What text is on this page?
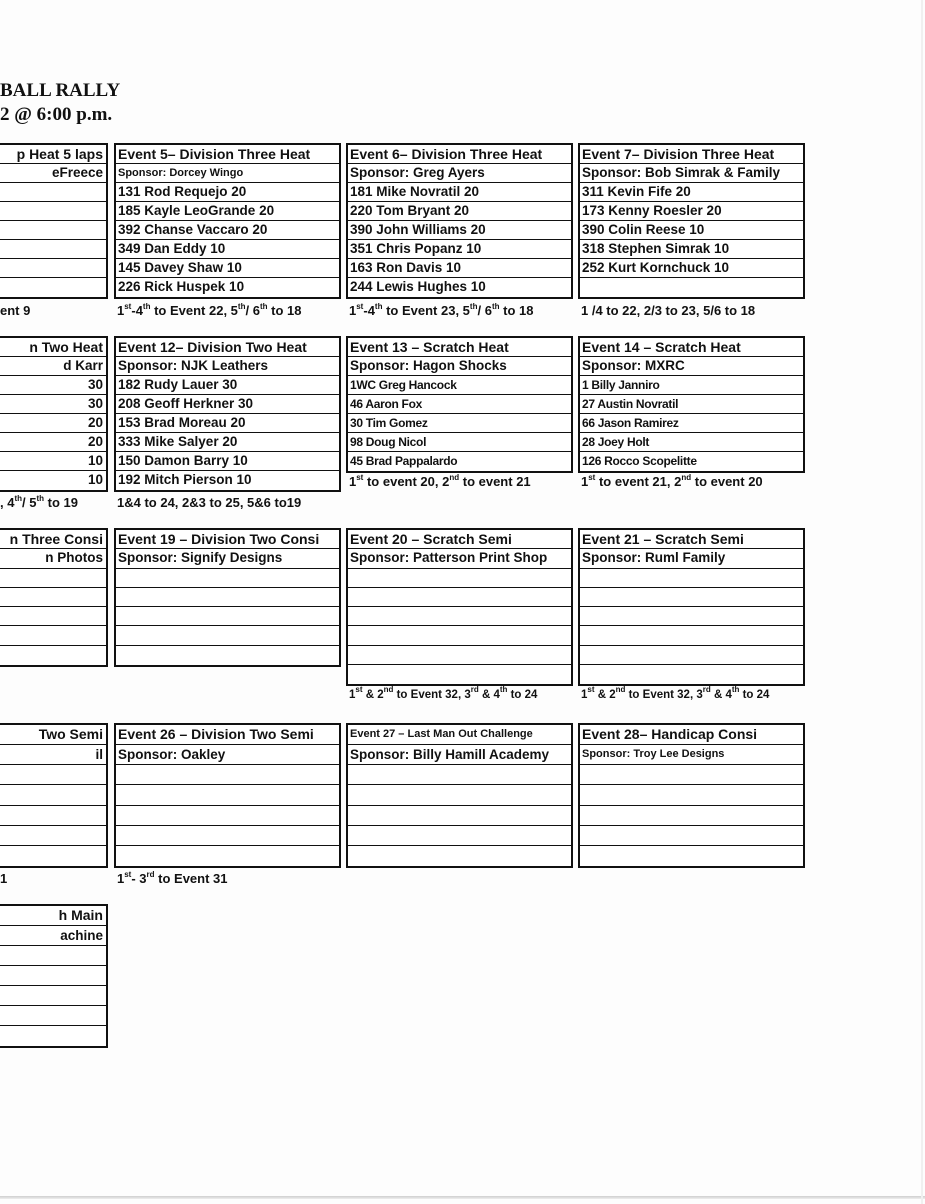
BALL RALLY
2 @ 6:00 p.m.
p Heat 5 laps
eFreece
Event 5– Division Three Heat
Sponsor: Dorcey Wingo
131 Rod Requejo 20
185 Kayle LeoGrande 20
392 Chanse Vaccaro 20
349 Dan Eddy 10
145 Davey Shaw 10
226 Rick Huspek 10
Event 6– Division Three Heat
Sponsor: Greg Ayers
181 Mike Novratil 20
220 Tom Bryant 20
390 John Williams 20
351 Chris Popanz 10
163 Ron Davis 10
244 Lewis Hughes 10
Event 7– Division Three Heat
Sponsor: Bob Simrak & Family
311 Kevin Fife 20
173 Kenny Roesler 20
390 Colin Reese 10
318 Stephen Simrak 10
252 Kurt Kornchuck 10
ent 9	1st-4th to Event 22, 5th/ 6th to 18	1st-4th to Event 23, 5th/ 6th to 18	1 /4 to 22, 2/3 to 23, 5/6 to 18
n Two Heat
d Karr
30
30
20
20
10
10
Event 12– Division Two Heat
Sponsor: NJK Leathers
182 Rudy Lauer 30
208 Geoff Herkner 30
153 Brad Moreau 20
333 Mike Salyer 20
150 Damon Barry 10
192 Mitch Pierson 10
Event 13 – Scratch Heat
Sponsor: Hagon Shocks
1WC Greg Hancock
46 Aaron Fox
30 Tim Gomez
98 Doug Nicol
45 Brad Pappalardo
Event 14 – Scratch Heat
Sponsor: MXRC
1 Billy Janniro
27 Austin Novratil
66 Jason Ramirez
28 Joey Holt
126 Rocco Scopelitte
, 4th/ 5th to 19	1&4 to 24, 2&3 to 25, 5&6 to19
1st to event 20, 2nd to event 21	1st to event 21, 2nd to event 20
n Three Consi
n Photos
Event 19 – Division Two Consi
Sponsor: Signify Designs
Event 20 – Scratch Semi
Sponsor: Patterson Print Shop
Event 21 – Scratch Semi
Sponsor: Ruml Family
1st & 2nd to Event 32, 3rd & 4th to 24	1st & 2nd to Event 32, 3rd & 4th to 24
Two Semi
il
Event 26 – Division Two Semi
Sponsor: Oakley
Event 27 – Last Man Out Challenge
Sponsor: Billy Hamill Academy
Event 28– Handicap Consi
Sponsor: Troy Lee Designs
1	1st- 3rd to Event 31
h Main
achine
